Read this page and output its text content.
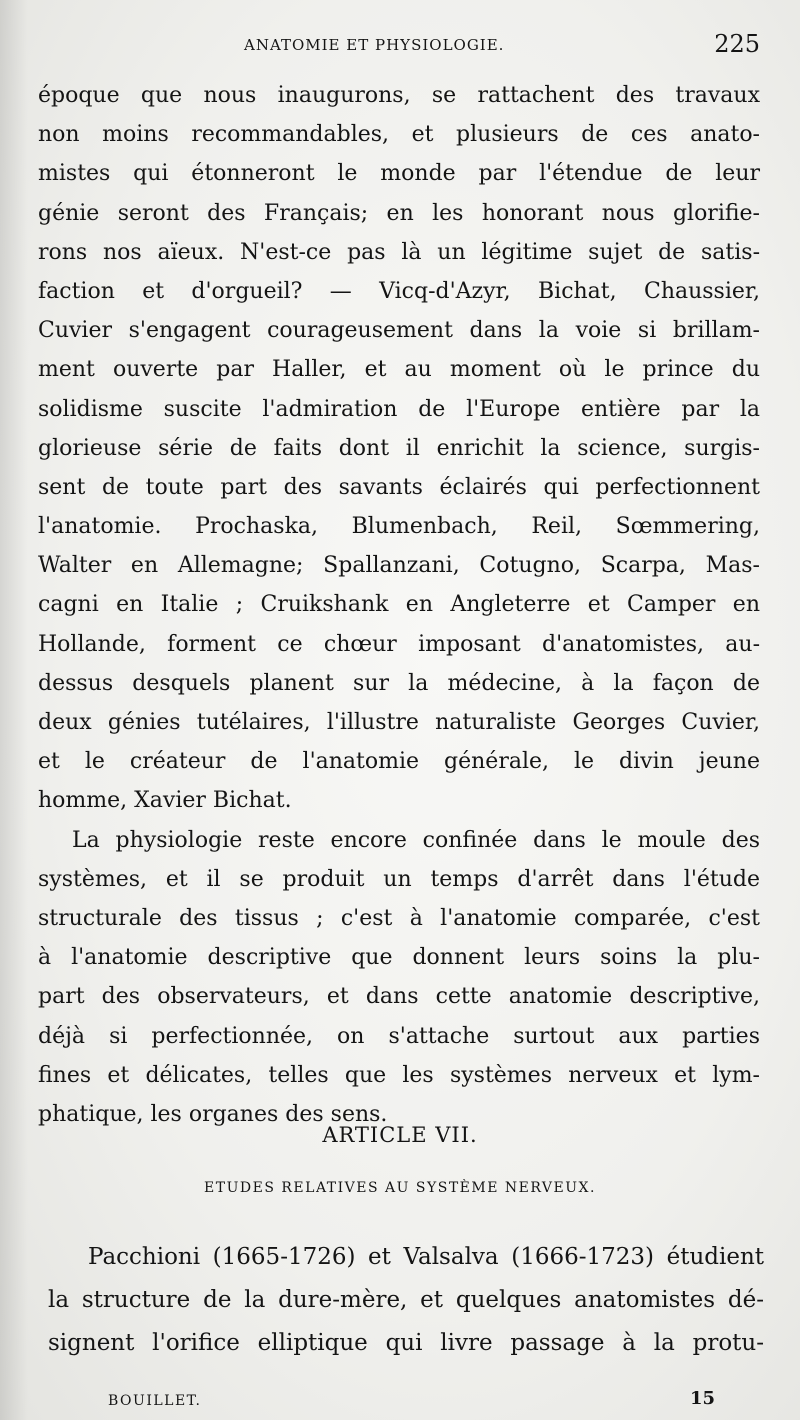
ANATOMIE ET PHYSIOLOGIE.	225
époque que nous inaugurons, se rattachent des travaux
non moins recommandables, et plusieurs de ces anato-
mistes qui étonneront le monde par l'étendue de leur
génie seront des Français; en les honorant nous glorifie-
rons nos aïeux. N'est-ce pas là un légitime sujet de satis-
faction et d'orgueil? — Vicq-d'Azyr, Bichat, Chaussier,
Cuvier s'engagent courageusement dans la voie si brillam-
ment ouverte par Haller, et au moment où le prince du
solidisme suscite l'admiration de l'Europe entière par la
glorieuse série de faits dont il enrichit la science, surgis-
sent de toute part des savants éclairés qui perfectionnent
l'anatomie. Prochaska, Blumenbach, Reil, Sœmmering,
Walter en Allemagne; Spallanzani, Cotugno, Scarpa, Mas-
cagni en Italie ; Cruikshank en Angleterre et Camper en
Hollande, forment ce chœur imposant d'anatomistes, au-
dessus desquels planent sur la médecine, à la façon de
deux génies tutélaires, l'illustre naturaliste Georges Cuvier,
et le créateur de l'anatomie générale, le divin jeune
homme, Xavier Bichat.
La physiologie reste encore confinée dans le moule des
systèmes, et il se produit un temps d'arrêt dans l'étude
structurale des tissus ; c'est à l'anatomie comparée, c'est
à l'anatomie descriptive que donnent leurs soins la plu-
part des observateurs, et dans cette anatomie descriptive,
déjà si perfectionnée, on s'attache surtout aux parties
fines et délicates, telles que les systèmes nerveux et lym-
phatique, les organes des sens.
ARTICLE VII.
ETUDES RELATIVES AU SYSTÈME NERVEUX.
Pacchioni (1665-1726) et Valsalva (1666-1723) étudient
la structure de la dure-mère, et quelques anatomistes dé-
signent l'orifice elliptique qui livre passage à la protu-
BOUILLET.	15
